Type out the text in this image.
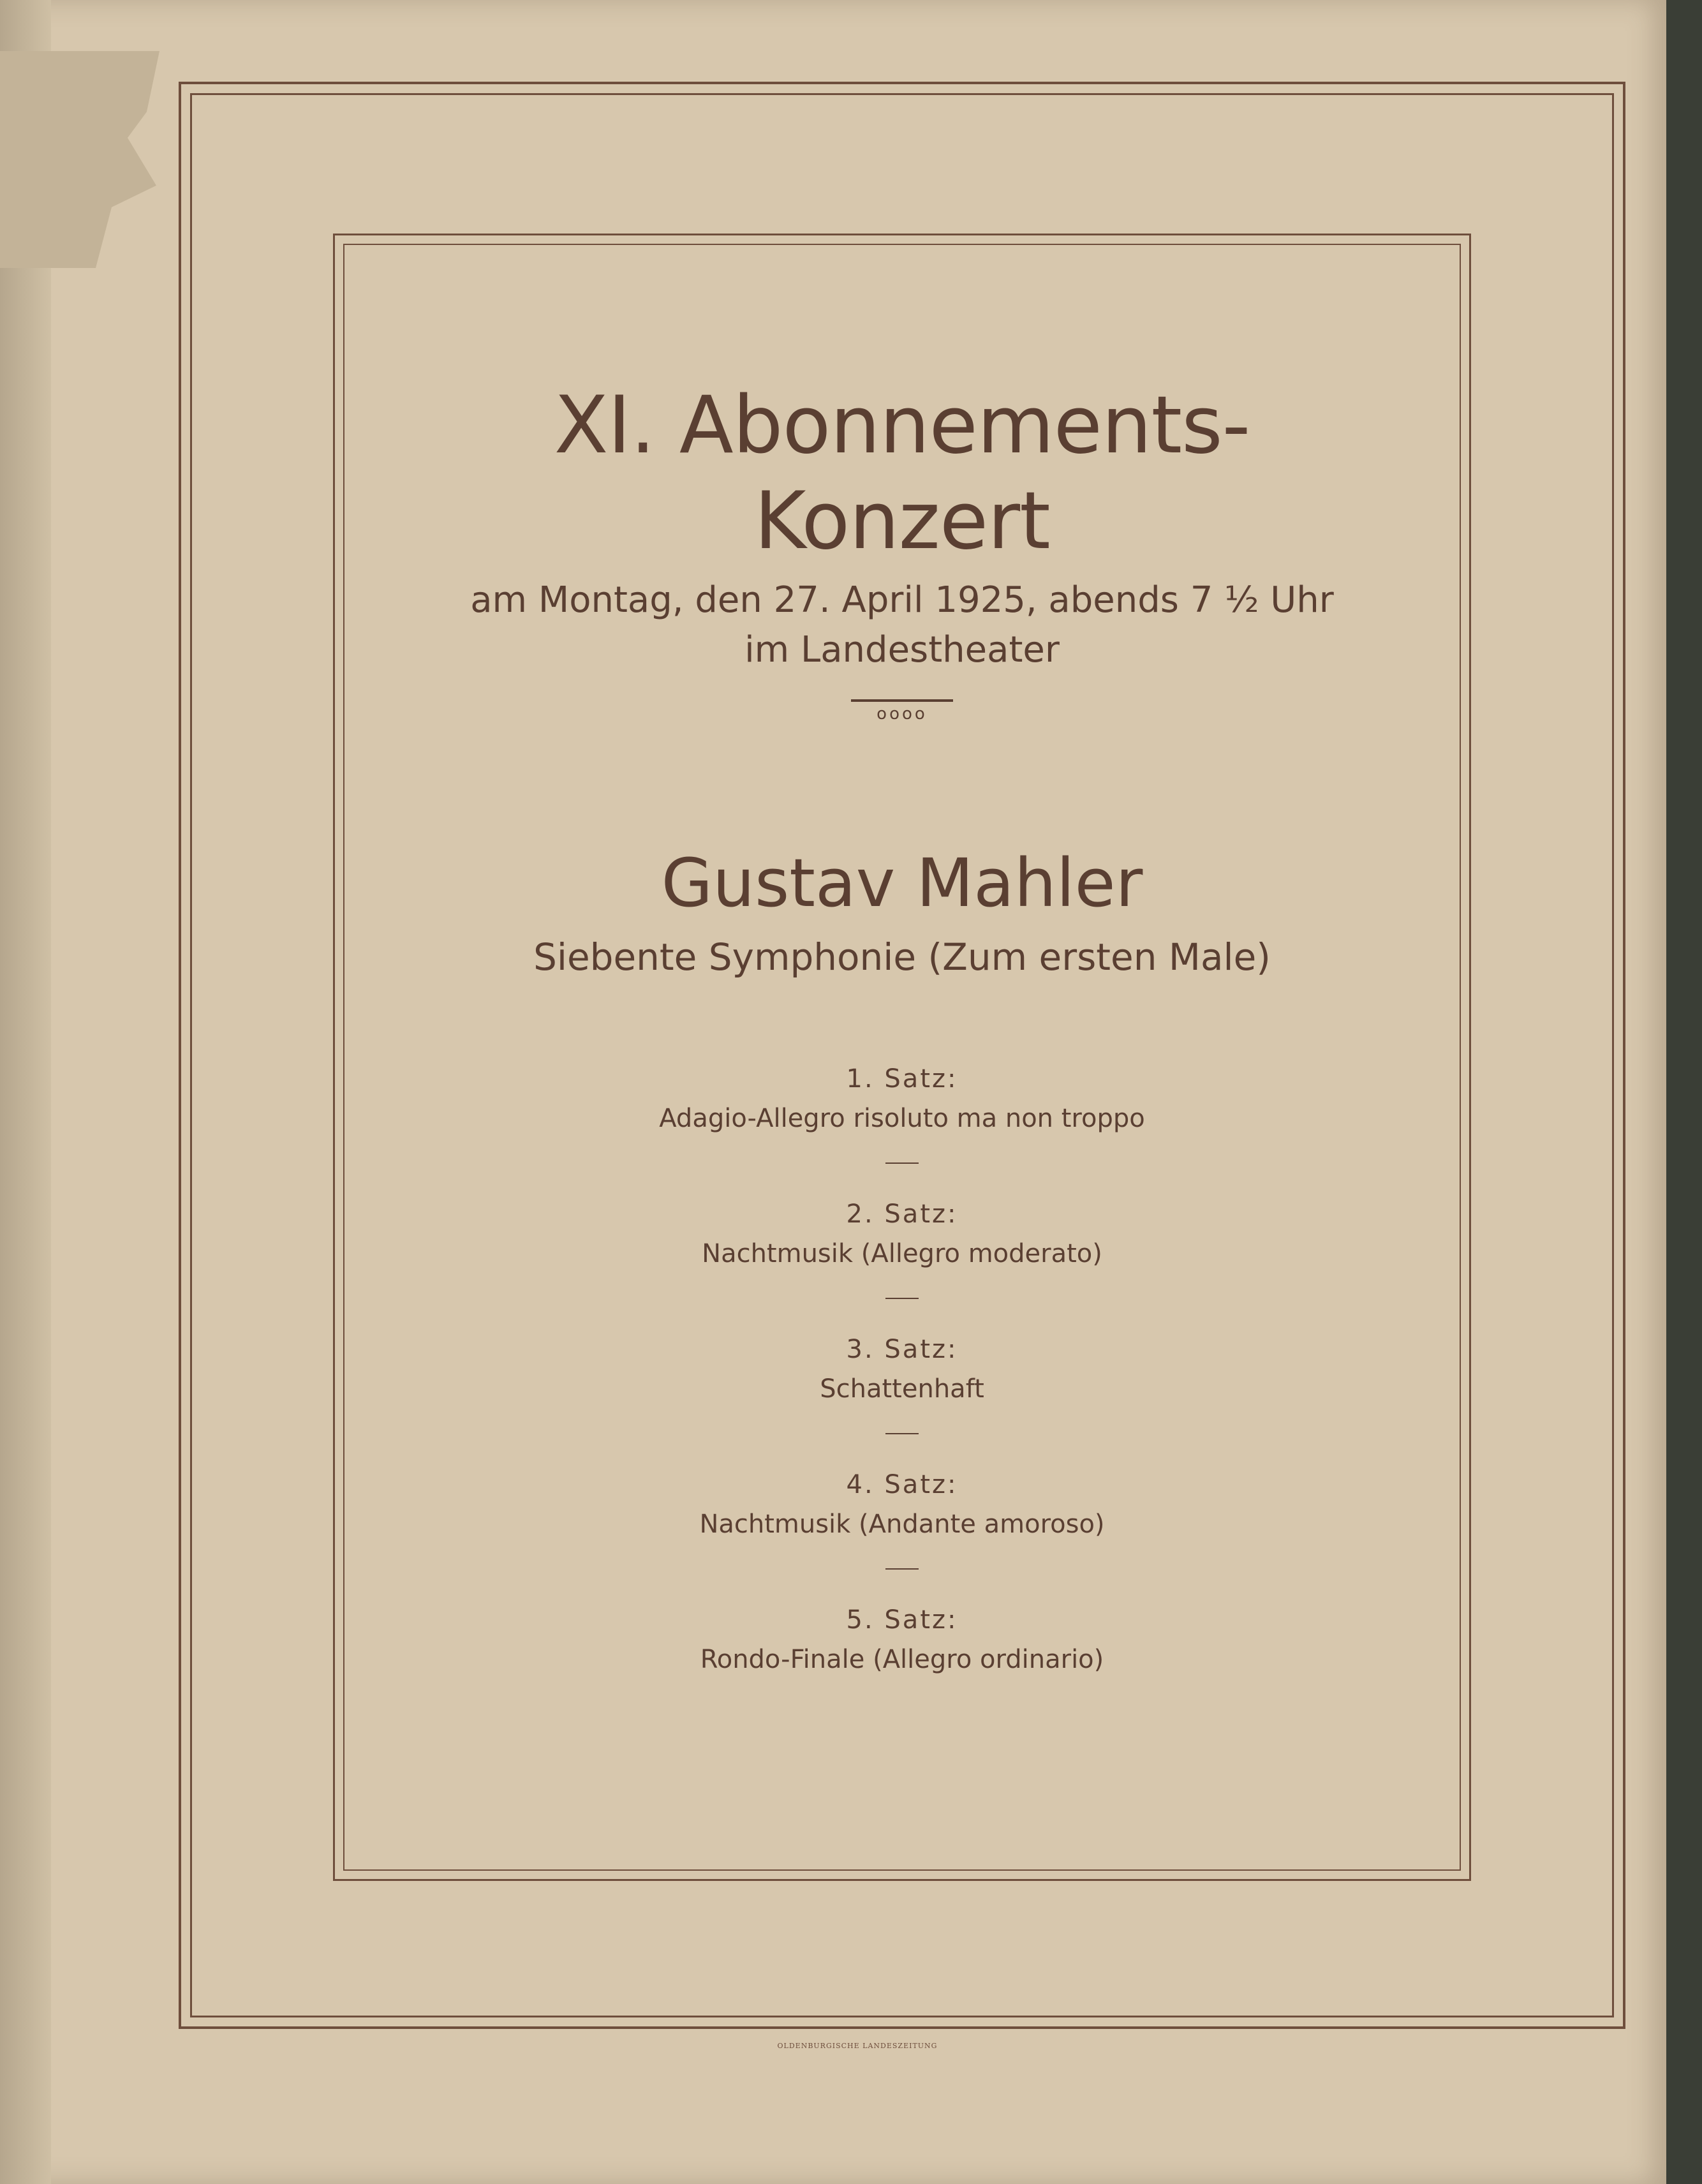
XI. Abonnements-
Konzert
am Montag, den 27. April 1925, abends 7 ½ Uhr
im Landestheater
oooo
Gustav Mahler
Siebente Symphonie (Zum ersten Male)
1. Satz:
Adagio-Allegro risoluto ma non troppo
2. Satz:
Nachtmusik (Allegro moderato)
3. Satz:
Schattenhaft
4. Satz:
Nachtmusik (Andante amoroso)
5. Satz:
Rondo-Finale (Allegro ordinario)
OLDENBURGISCHE LANDESZEITUNG
